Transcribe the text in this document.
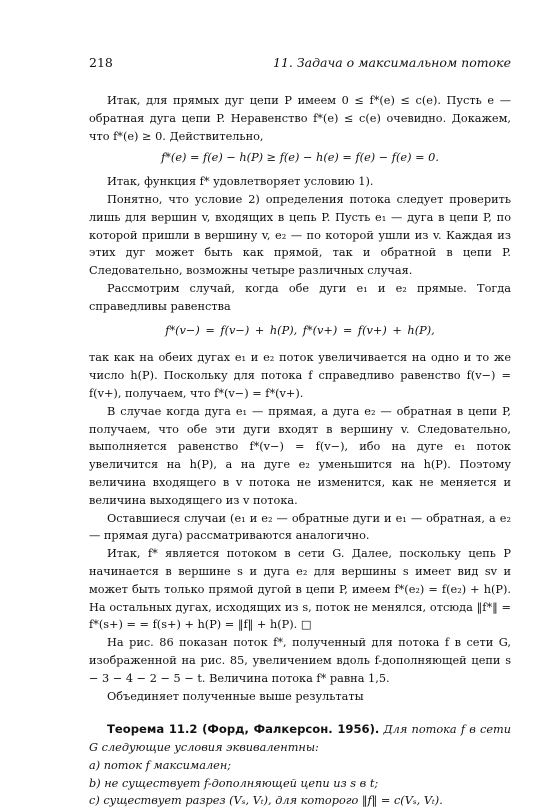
218	11. Задача о максимальном потоке

Итак, для прямых дуг цепи P имеем 0 ≤ f*(e) ≤ c(e). Пусть e — обратная дуга цепи P. Неравенство f*(e) ≤ c(e) очевидно. Докажем, что f*(e) ≥ 0. Действительно,

f*(e) = f(e) − h(P) ≥ f(e) − h(e) = f(e) − f(e) = 0.

Итак, функция f* удовлетворяет условию 1).

Понятно, что условие 2) определения потока следует проверить лишь для вершин v, входящих в цепь P. Пусть e₁ — дуга в цепи P, по которой пришли в вершину v, e₂ — по которой ушли из v. Каждая из этих дуг может быть как прямой, так и обратной в цепи P. Следовательно, возможны четыре различных случая.

Рассмотрим случай, когда обе дуги e₁ и e₂ прямые. Тогда справедливы равенства

f*(v−) = f(v−) + h(P), f*(v+) = f(v+) + h(P),

так как на обеих дугах e₁ и e₂ поток увеличивается на одно и то же число h(P). Поскольку для потока f справедливо равенство f(v−) = f(v+), получаем, что f*(v−) = f*(v+).

В случае когда дуга e₁ — прямая, а дуга e₂ — обратная в цепи P, получаем, что обе эти дуги входят в вершину v. Следовательно, выполняется равенство f*(v−) = f(v−), ибо на дуге e₁ поток увеличится на h(P), а на дуге e₂ уменьшится на h(P). Поэтому величина входящего в v потока не изменится, как не меняется и величина выходящего из v потока.

Оставшиеся случаи (e₁ и e₂ — обратные дуги и e₁ — обратная, а e₂ — прямая дуга) рассматриваются аналогично.

Итак, f* является потоком в сети G. Далее, поскольку цепь P начинается в вершине s и дуга e₂ для вершины s имеет вид sv и может быть только прямой дугой в цепи P, имеем f*(e₂) = f(e₂) + h(P). На остальных дугах, исходящих из s, поток не менялся, отсюда ‖f*‖ = f*(s+) = = f(s+) + h(P) = ‖f‖ + h(P). □

На рис. 86 показан поток f*, полученный для потока f в сети G, изображенной на рис. 85, увеличением вдоль f-дополняющей цепи s − 3 − 4 − 2 − 5 − t. Величина потока f* равна 1,5.

Объединяет полученные выше результаты

Теорема 11.2 (Форд, Фалкерсон. 1956). Для потока f в сети G следующие условия эквивалентны:

a) поток f максимален;

b) не существует f-дополняющей цепи из s в t;

c) существует разрез (Vₛ, Vₜ), для которого ‖f‖ = c(Vₛ, Vₜ).
